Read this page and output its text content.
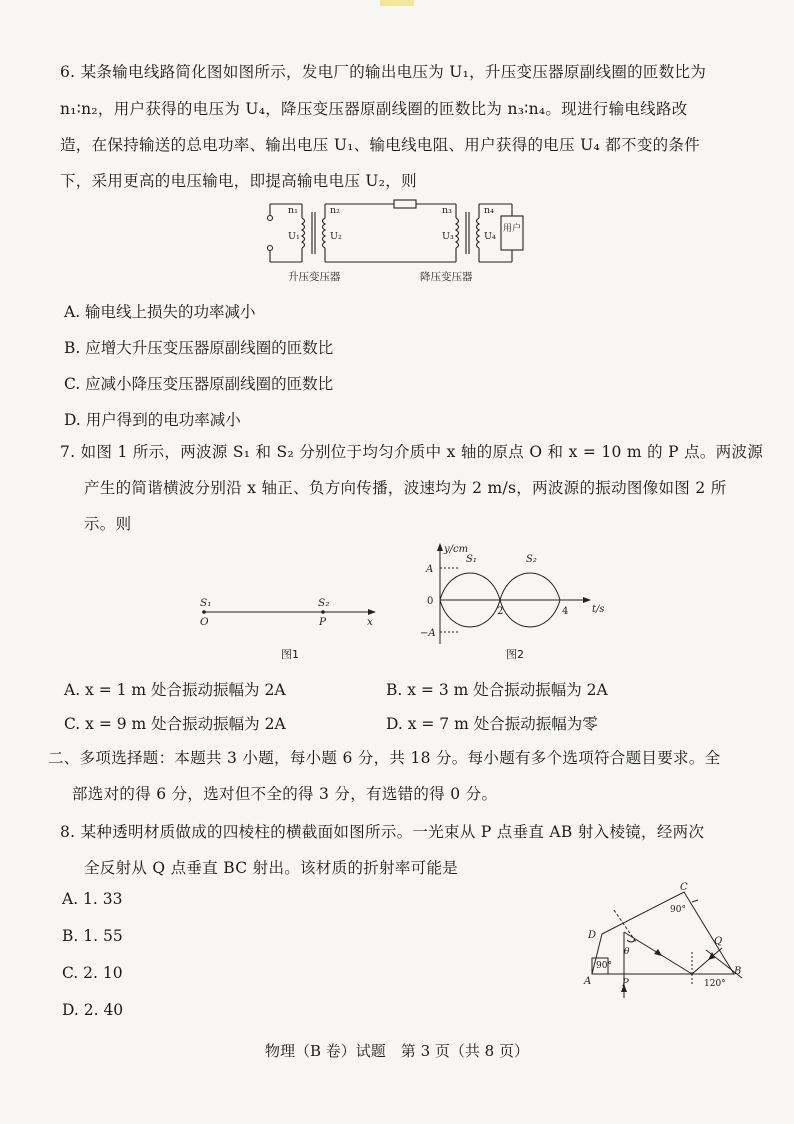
6. 某条输电线路简化图如图所示，发电厂的输出电压为 U₁，升压变压器原副线圈的匝数比为
n₁∶n₂，用户获得的电压为 U₄，降压变压器原副线圈的匝数比为 n₃∶n₄。现进行输电线路改
造，在保持输送的总电功率、输出电压 U₁、输电线电阻、用户获得的电压 U₄ 都不变的条件
下，采用更高的电压输电，即提高输电电压 U₂，则
n₁
U₁
n₂
U₂
n₃
U₃
n₄
U₄
用户
升压变压器	降压变压器
A. 输电线上损失的功率减小
B. 应增大升压变压器原副线圈的匝数比
C. 应减小降压变压器原副线圈的匝数比
D. 用户得到的电功率减小
7. 如图 1 所示，两波源 S₁ 和 S₂ 分别位于均匀介质中 x 轴的原点 O 和 x = 10 m 的 P 点。两波源
产生的简谐横波分别沿 x 轴正、负方向传播，波速均为 2 m/s，两波源的振动图像如图 2 所
示。则
S₁	S₂
O	P	x
图1
y/cm
A
0
−A
2	4 t/s
S₁	S₂
图2
A. x = 1 m 处合振动振幅为 2A	B. x = 3 m 处合振动振幅为 2A
C. x = 9 m 处合振动振幅为 2A	D. x = 7 m 处合振动振幅为零
二、多项选择题：本题共 3 小题，每小题 6 分，共 18 分。每小题有多个选项符合题目要求。全
部选对的得 6 分，选对但不全的得 3 分，有选错的得 0 分。
8. 某种透明材质做成的四棱柱的横截面如图所示。一光束从 P 点垂直 AB 射入棱镜，经两次
全反射从 Q 点垂直 BC 射出。该材质的折射率可能是
A. 1. 33
B. 1. 55
C. 2. 10
D. 2. 40
C
D
A
B
P
Q
θ
90°
90°
120°
物理（B 卷）试题　第 3 页（共 8 页）
